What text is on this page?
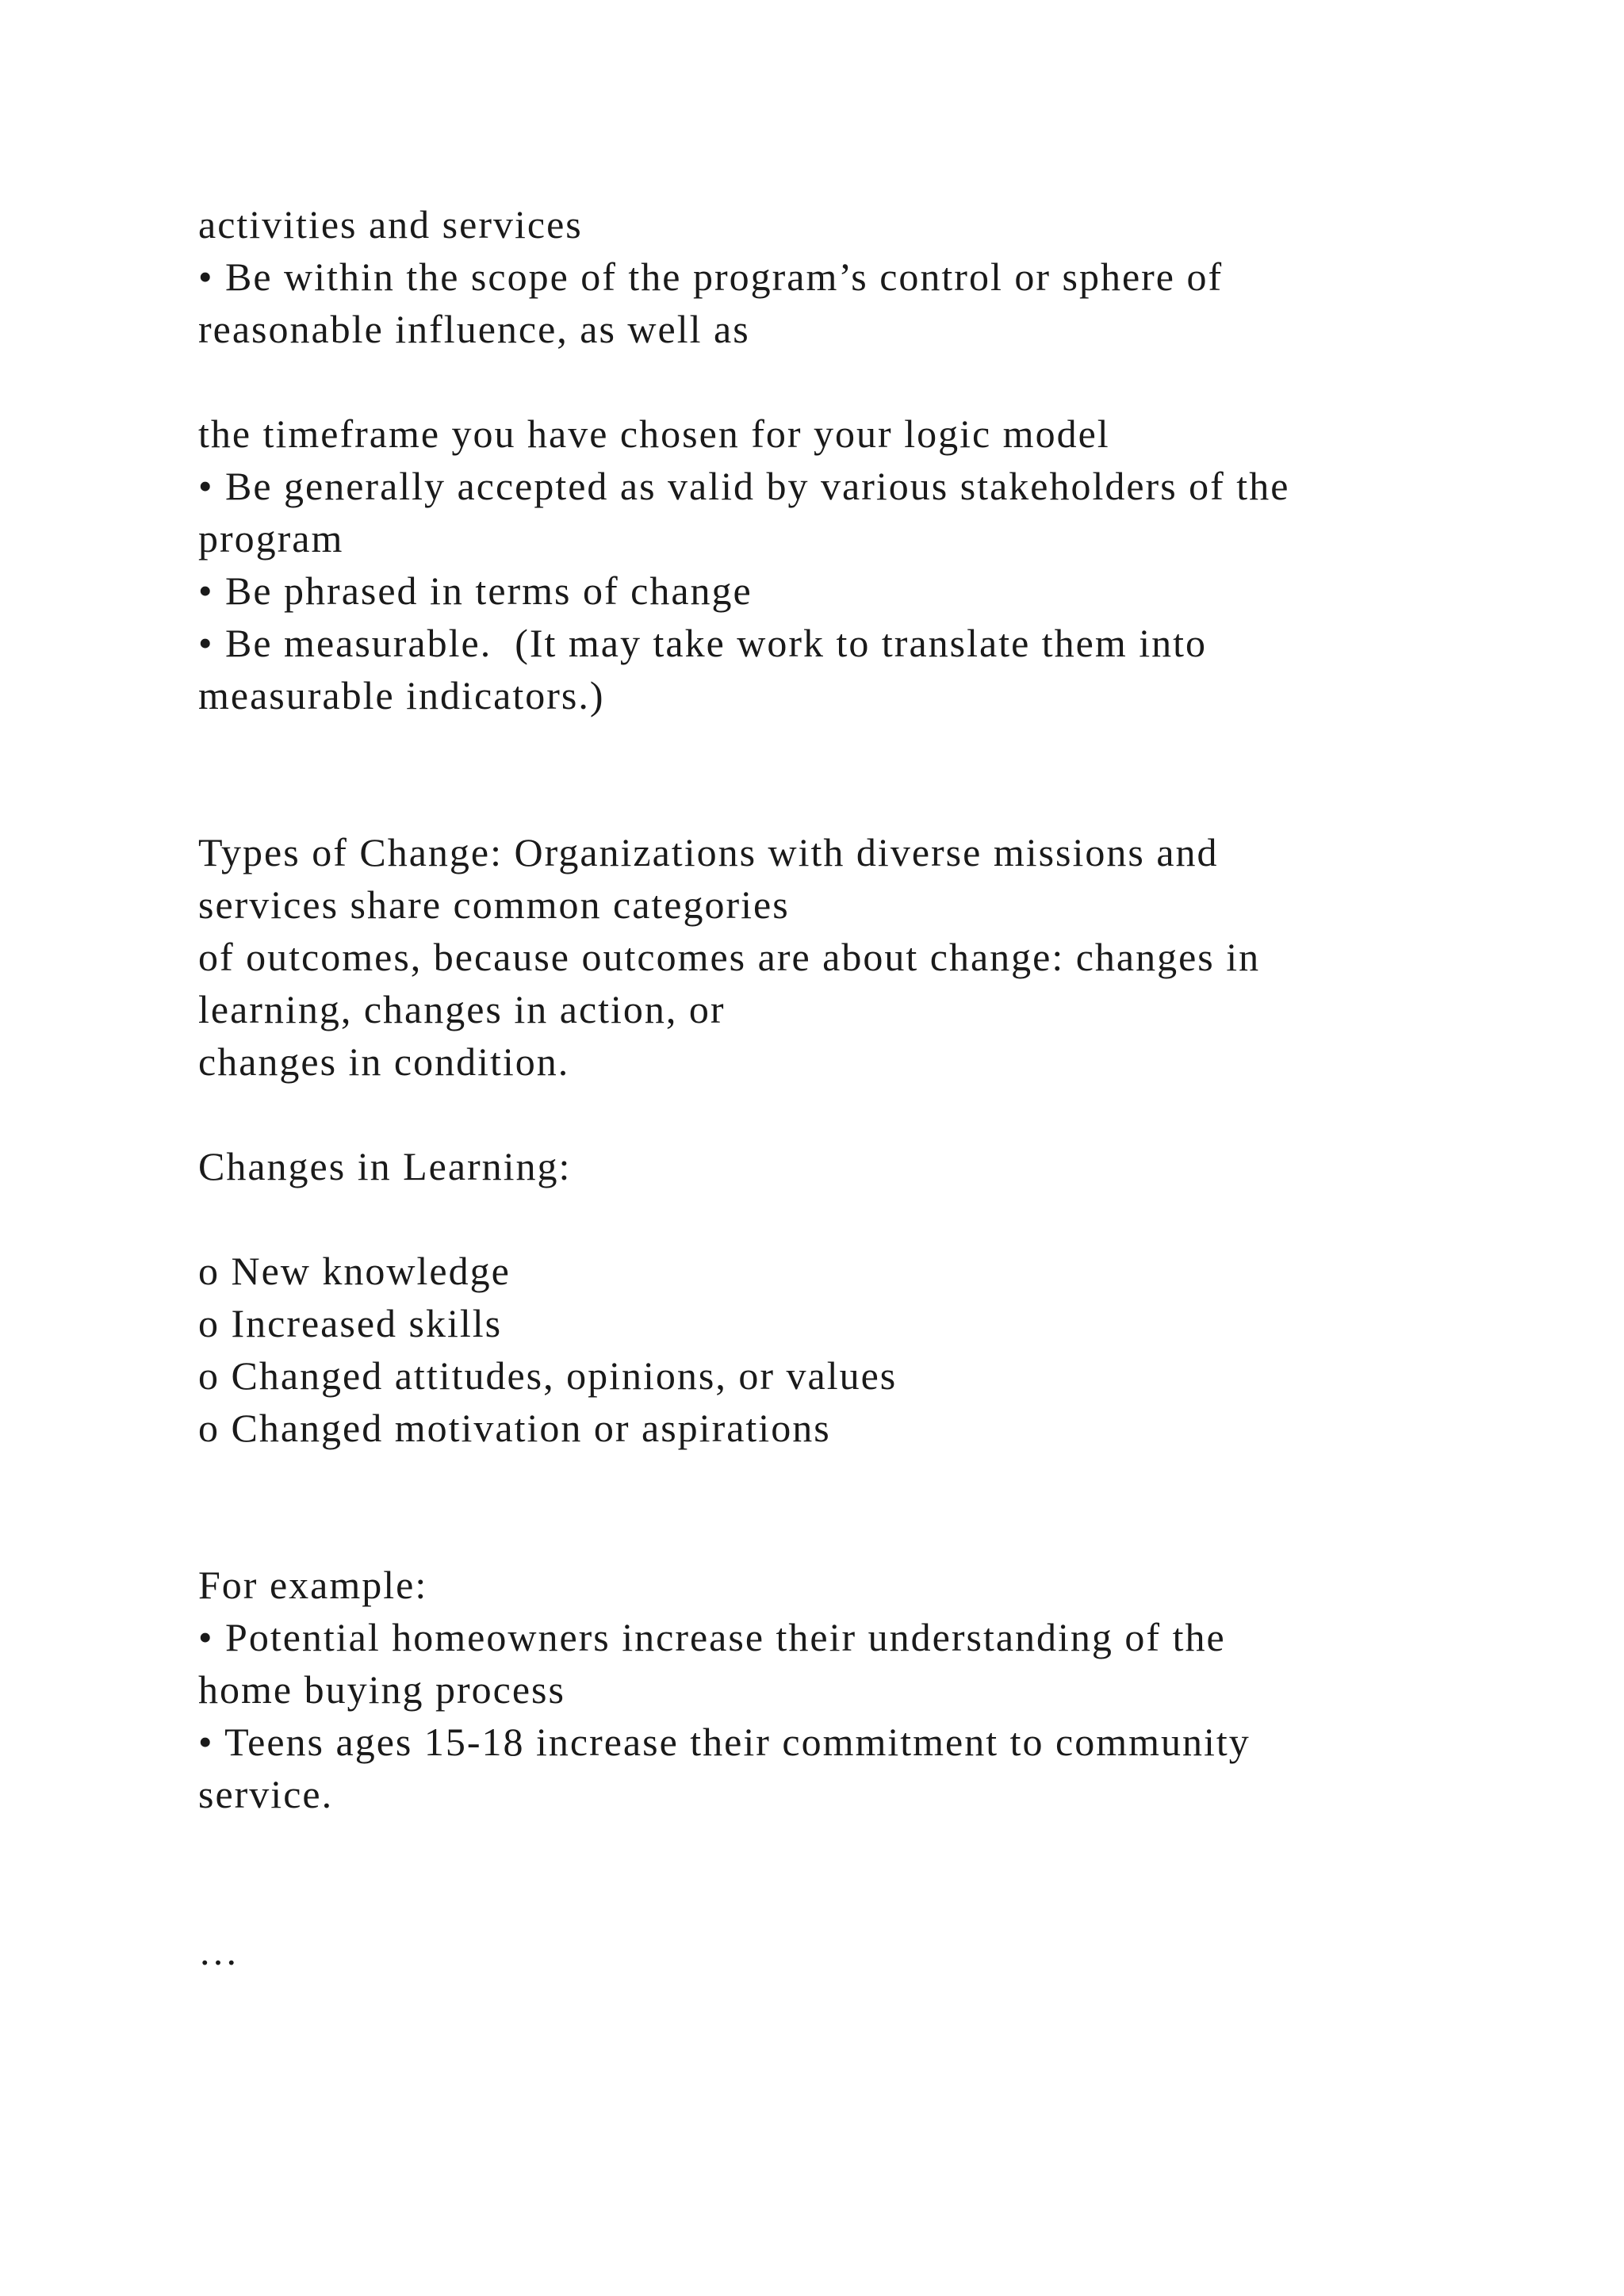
activities and services
• Be within the scope of the program’s control or sphere of
reasonable influence, as well as
the timeframe you have chosen for your logic model
• Be generally accepted as valid by various stakeholders of the
program
• Be phrased in terms of change
• Be measurable.  (It may take work to translate them into
measurable indicators.)
Types of Change: Organizations with diverse missions and
services share common categories
of outcomes, because outcomes are about change: changes in
learning, changes in action, or
changes in condition.
Changes in Learning:
o New knowledge
o Increased skills
o Changed attitudes, opinions, or values
o Changed motivation or aspirations
For example:
• Potential homeowners increase their understanding of the
home buying process
• Teens ages 15-18 increase their commitment to community
service.
…
